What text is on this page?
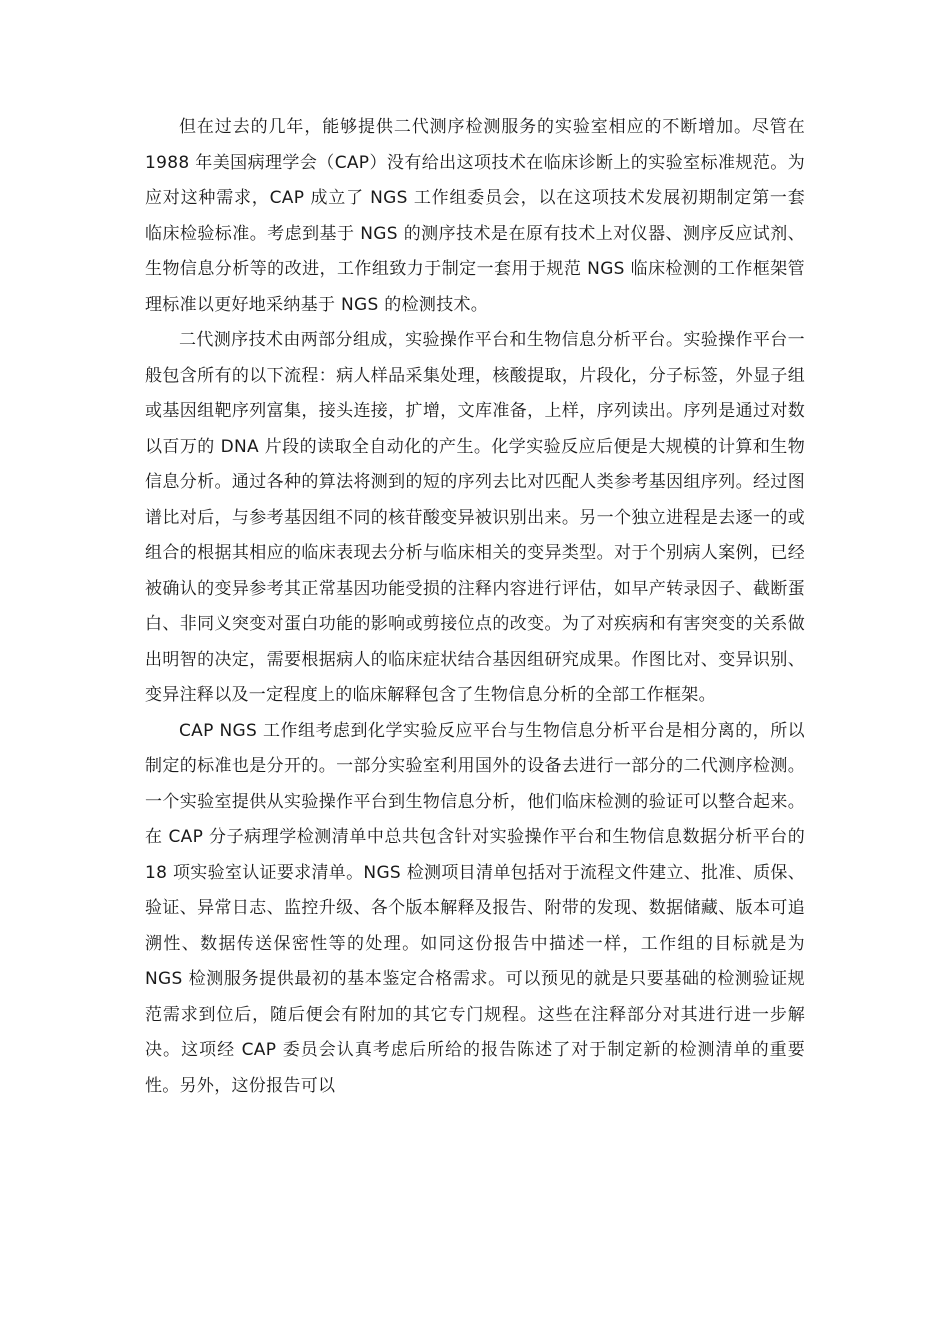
但在过去的几年，能够提供二代测序检测服务的实验室相应的不断增加。尽管在 1988 年美国病理学会（CAP）没有给出这项技术在临床诊断上的实验室标准规范。为应对这种需求，CAP 成立了 NGS 工作组委员会，以在这项技术发展初期制定第一套临床检验标准。考虑到基于 NGS 的测序技术是在原有技术上对仪器、测序反应试剂、生物信息分析等的改进，工作组致力于制定一套用于规范 NGS 临床检测的工作框架管理标准以更好地采纳基于 NGS 的检测技术。

二代测序技术由两部分组成，实验操作平台和生物信息分析平台。实验操作平台一般包含所有的以下流程：病人样品采集处理，核酸提取，片段化，分子标签，外显子组或基因组靶序列富集，接头连接，扩增，文库准备，上样，序列读出。序列是通过对数以百万的 DNA 片段的读取全自动化的产生。化学实验反应后便是大规模的计算和生物信息分析。通过各种的算法将测到的短的序列去比对匹配人类参考基因组序列。经过图谱比对后，与参考基因组不同的核苷酸变异被识别出来。另一个独立进程是去逐一的或组合的根据其相应的临床表现去分析与临床相关的变异类型。对于个别病人案例，已经被确认的变异参考其正常基因功能受损的注释内容进行评估，如早产转录因子、截断蛋白、非同义突变对蛋白功能的影响或剪接位点的改变。为了对疾病和有害突变的关系做出明智的决定，需要根据病人的临床症状结合基因组研究成果。作图比对、变异识别、变异注释以及一定程度上的临床解释包含了生物信息分析的全部工作框架。

CAP NGS 工作组考虑到化学实验反应平台与生物信息分析平台是相分离的，所以制定的标准也是分开的。一部分实验室利用国外的设备去进行一部分的二代测序检测。一个实验室提供从实验操作平台到生物信息分析，他们临床检测的验证可以整合起来。在 CAP 分子病理学检测清单中总共包含针对实验操作平台和生物信息数据分析平台的 18 项实验室认证要求清单。NGS 检测项目清单包括对于流程文件建立、批准、质保、验证、异常日志、监控升级、各个版本解释及报告、附带的发现、数据储藏、版本可追溯性、数据传送保密性等的处理。如同这份报告中描述一样，工作组的目标就是为 NGS 检测服务提供最初的基本鉴定合格需求。可以预见的就是只要基础的检测验证规范需求到位后，随后便会有附加的其它专门规程。这些在注释部分对其进行进一步解决。这项经 CAP 委员会认真考虑后所给的报告陈述了对于制定新的检测清单的重要性。另外，这份报告可以
